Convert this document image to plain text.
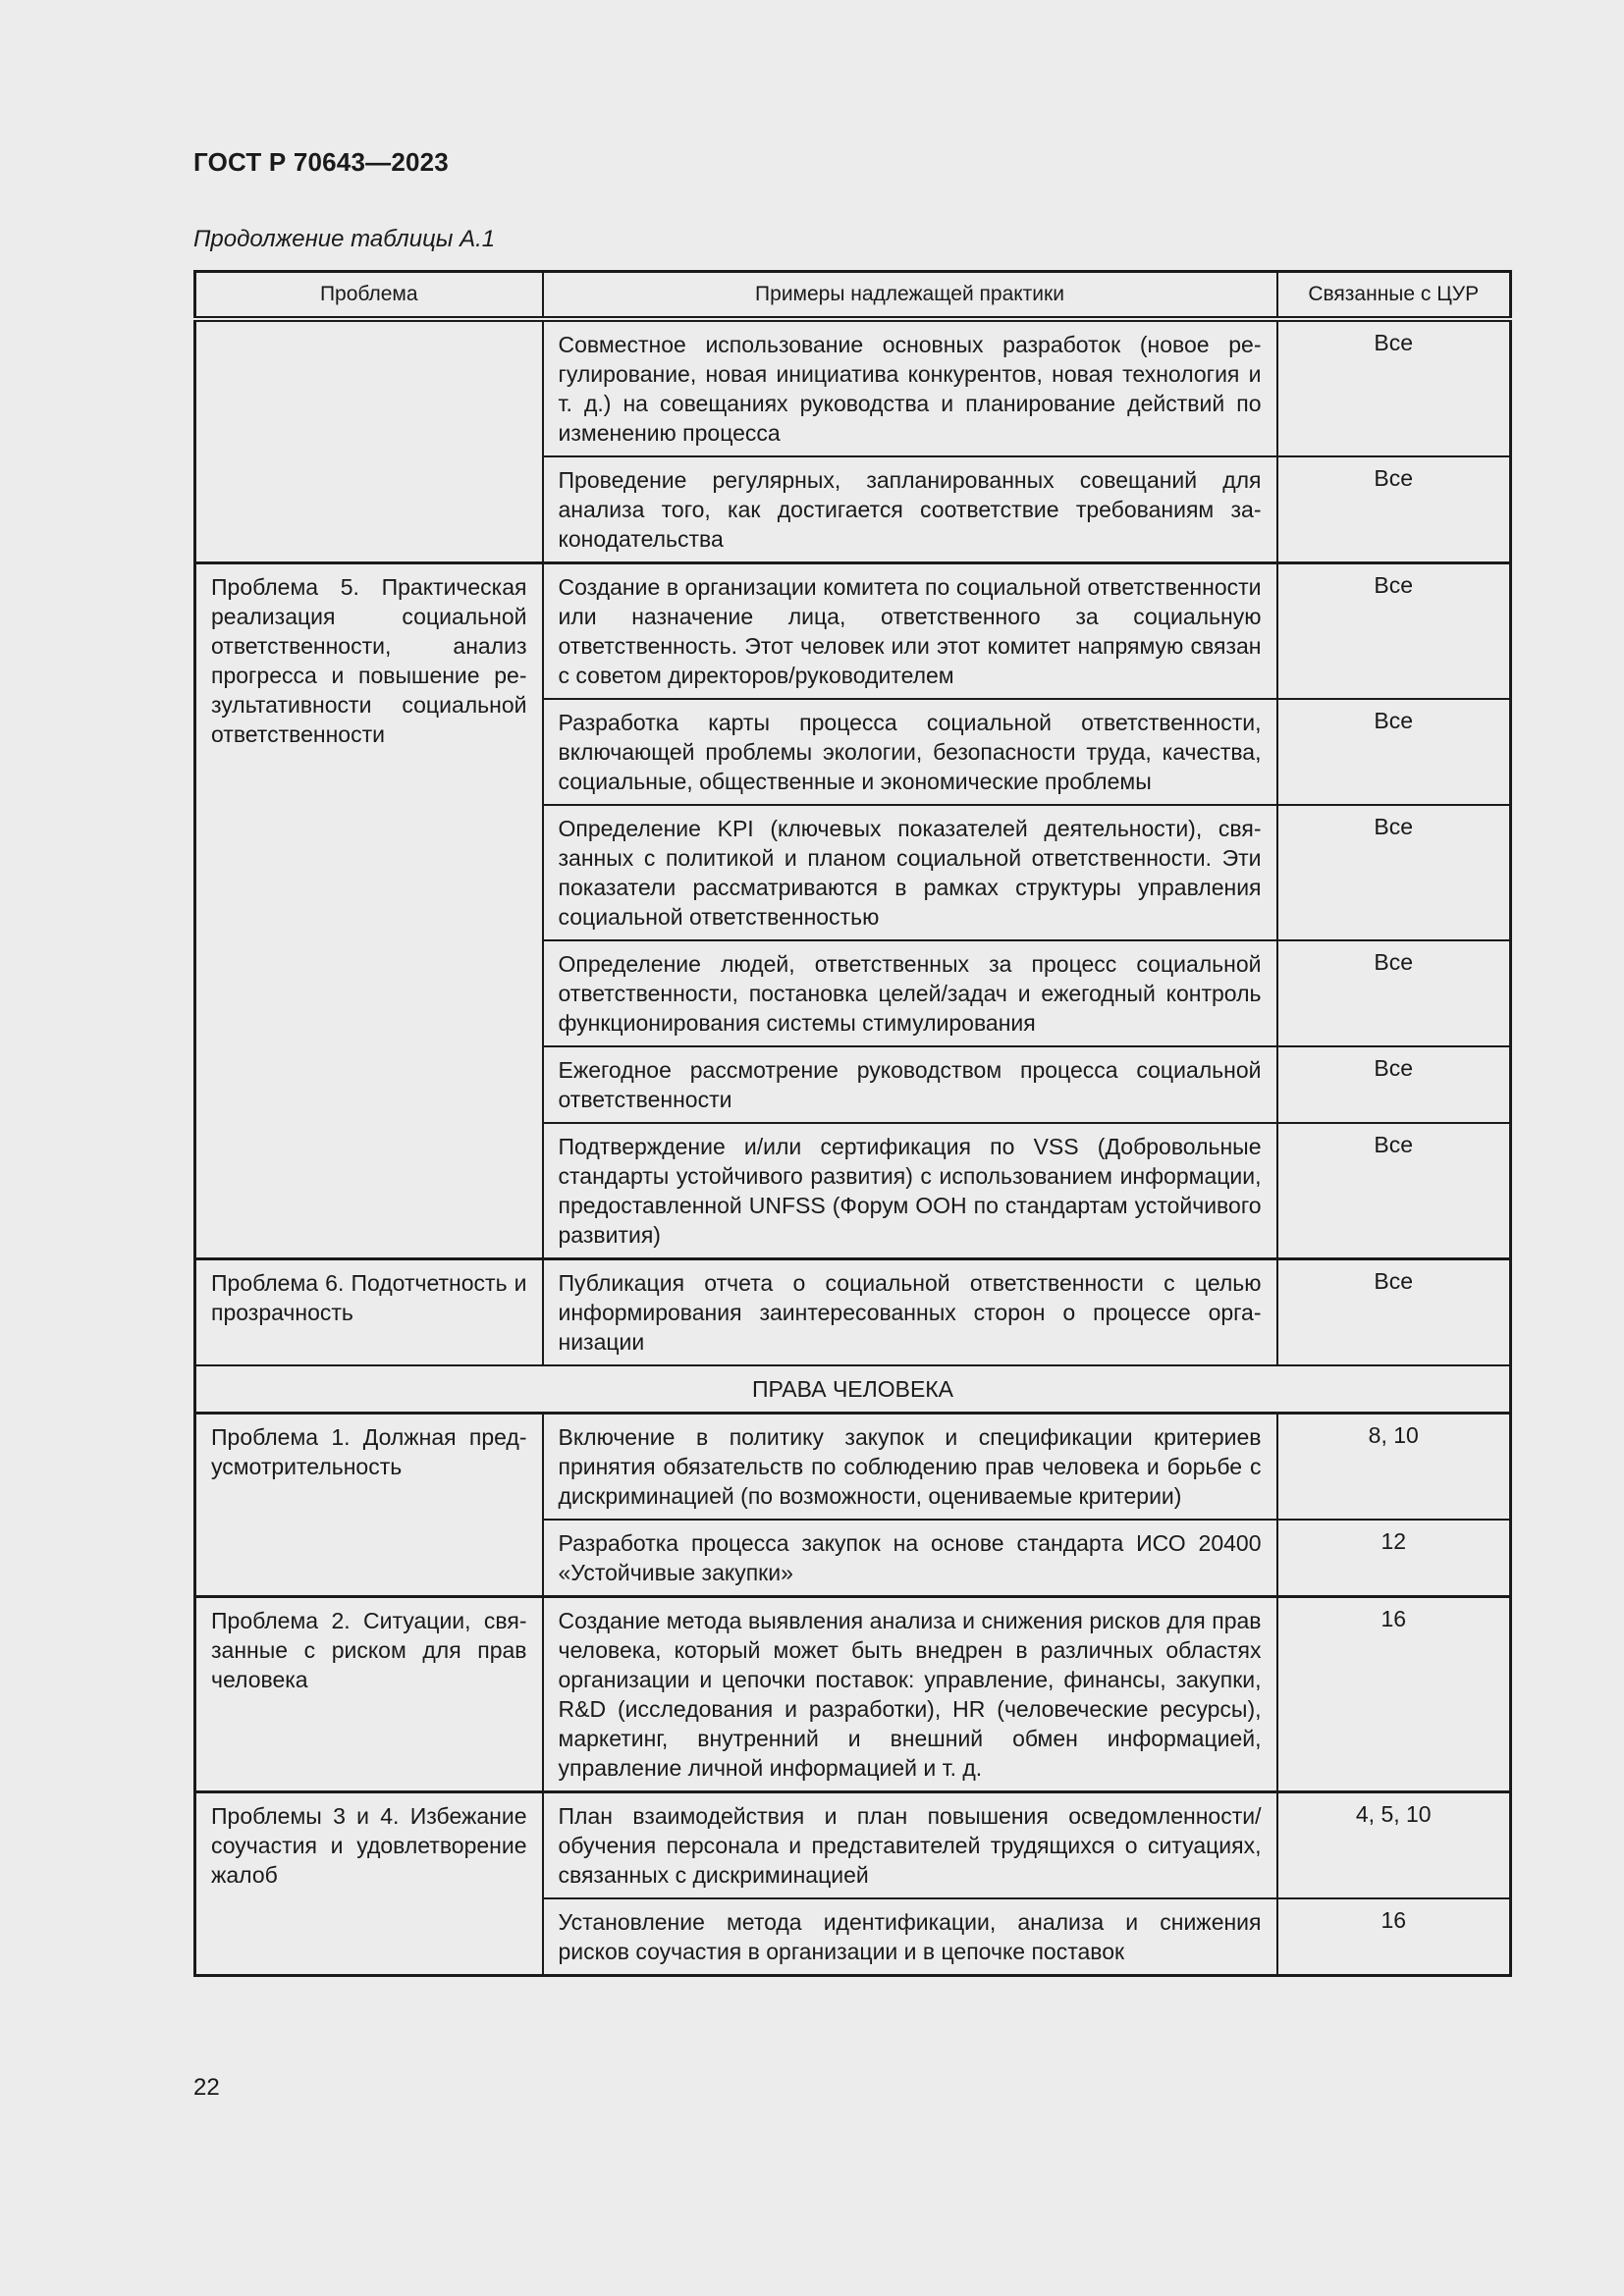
ГОСТ Р 70643—2023
Продолжение таблицы А.1
Проблема	Примеры надлежащей практики	Связанные с ЦУР
	Совместное использование основных разработок (новое регулирование, новая инициатива конкурентов, новая технология и т. д.) на совещаниях руководства и планирование действий по изменению процесса	Все
	Проведение регулярных, запланированных совещаний для анализа того, как достигается соответствие требованиям законодательства	Все
Проблема 5. Практическая реализация социальной ответственности, анализ прогресса и повышение результативности социальной ответственности	Создание в организации комитета по социальной ответственности или назначение лица, ответственного за социальную ответственность. Этот человек или этот комитет напрямую связан с советом директоров/руководителем	Все
	Разработка карты процесса социальной ответственности, включающей проблемы экологии, безопасности труда, качества, социальные, общественные и экономические проблемы	Все
	Определение KPI (ключевых показателей деятельности), связанных с политикой и планом социальной ответственности. Эти показатели рассматриваются в рамках структуры управления социальной ответственностью	Все
	Определение людей, ответственных за процесс социальной ответственности, постановка целей/задач и ежегодный контроль функционирования системы стимулирования	Все
	Ежегодное рассмотрение руководством процесса социальной ответственности	Все
	Подтверждение и/или сертификация по VSS (Добровольные стандарты устойчивого развития) с использованием информации, предоставленной UNFSS (Форум ООН по стандартам устойчивого развития)	Все
Проблема 6. Подотчетность и прозрачность	Публикация отчета о социальной ответственности с целью информирования заинтересованных сторон о процессе организации	Все
ПРАВА ЧЕЛОВЕКА		
Проблема 1. Должная предусмотрительность	Включение в политику закупок и спецификации критериев принятия обязательств по соблюдению прав человека и борьбе с дискриминацией (по возможности, оцениваемые критерии)	8, 10
	Разработка процесса закупок на основе стандарта ИСО 20400 «Устойчивые закупки»	12
Проблема 2. Ситуации, связанные с риском для прав человека	Создание метода выявления анализа и снижения рисков для прав человека, который может быть внедрен в различных областях организации и цепочки поставок: управление, финансы, закупки, R&D (исследования и разработки), HR (человеческие ресурсы), маркетинг, внутренний и внешний обмен информацией, управление личной информацией и т. д.	16
Проблемы 3 и 4. Избежание соучастия и удовлетворение жалоб	План взаимодействия и план повышения осведомленности/ обучения персонала и представителей трудящихся о ситуациях, связанных с дискриминацией	4, 5, 10
	Установление метода идентификации, анализа и снижения рисков соучастия в организации и в цепочке поставок	16
22
